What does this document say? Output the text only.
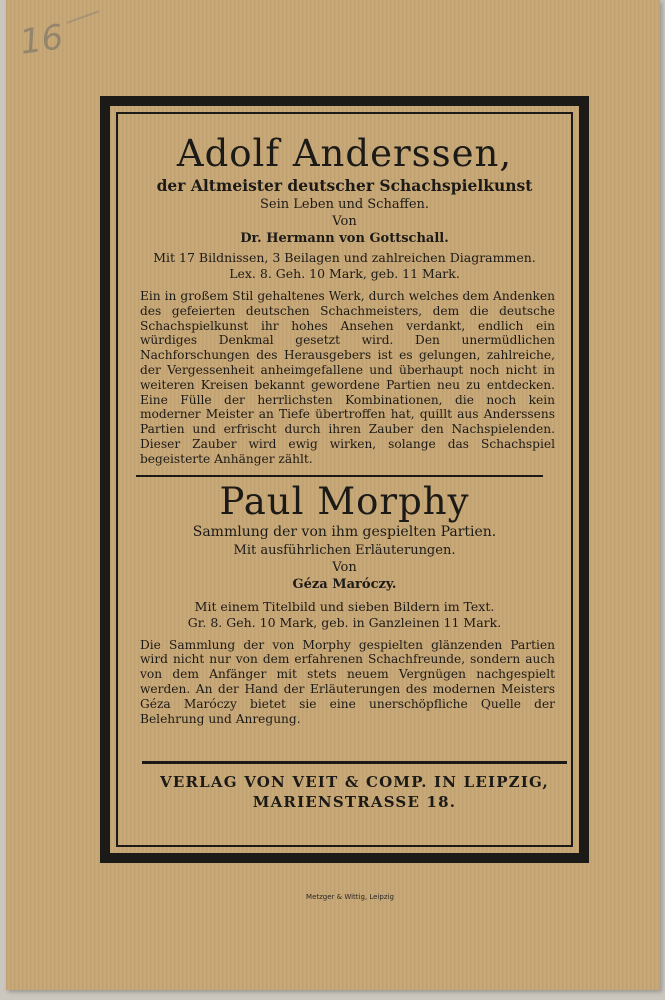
16
Adolf Anderssen,
der Altmeister deutscher Schachspielkunst
Sein Leben und Schaffen.
Von
Dr. Hermann von Gottschall.
Mit 17 Bildnissen, 3 Beilagen und zahlreichen Diagrammen.
Lex. 8. Geh. 10 Mark, geb. 11 Mark.
Ein in großem Stil gehaltenes Werk, durch welches dem Andenken des gefeierten deutschen Schachmeisters, dem die deutsche Schachspielkunst ihr hohes Ansehen verdankt, endlich ein würdiges Denkmal gesetzt wird. Den unermüdlichen Nachforschungen des Herausgebers ist es gelungen, zahlreiche, der Vergessenheit anheimgefallene und überhaupt noch nicht in weiteren Kreisen bekannt gewordene Partien neu zu entdecken. Eine Fülle der herrlichsten Kombinationen, die noch kein moderner Meister an Tiefe übertroffen hat, quillt aus Anderssens Partien und erfrischt durch ihren Zauber den Nachspielenden. Dieser Zauber wird ewig wirken, solange das Schachspiel begeisterte Anhänger zählt.
Paul Morphy
Sammlung der von ihm gespielten Partien.
Mit ausführlichen Erläuterungen.
Von
Géza Maróczy.
Mit einem Titelbild und sieben Bildern im Text.
Gr. 8. Geh. 10 Mark, geb. in Ganzleinen 11 Mark.
Die Sammlung der von Morphy gespielten glänzenden Partien wird nicht nur von dem erfahrenen Schachfreunde, sondern auch von dem Anfänger mit stets neuem Vergnügen nachgespielt werden. An der Hand der Erläuterungen des modernen Meisters Géza Maróczy bietet sie eine unerschöpfliche Quelle der Belehrung und Anregung.
VERLAG VON VEIT & COMP. IN LEIPZIG,
MARIENSTRASSE 18.
Metzger & Wittig, Leipzig
